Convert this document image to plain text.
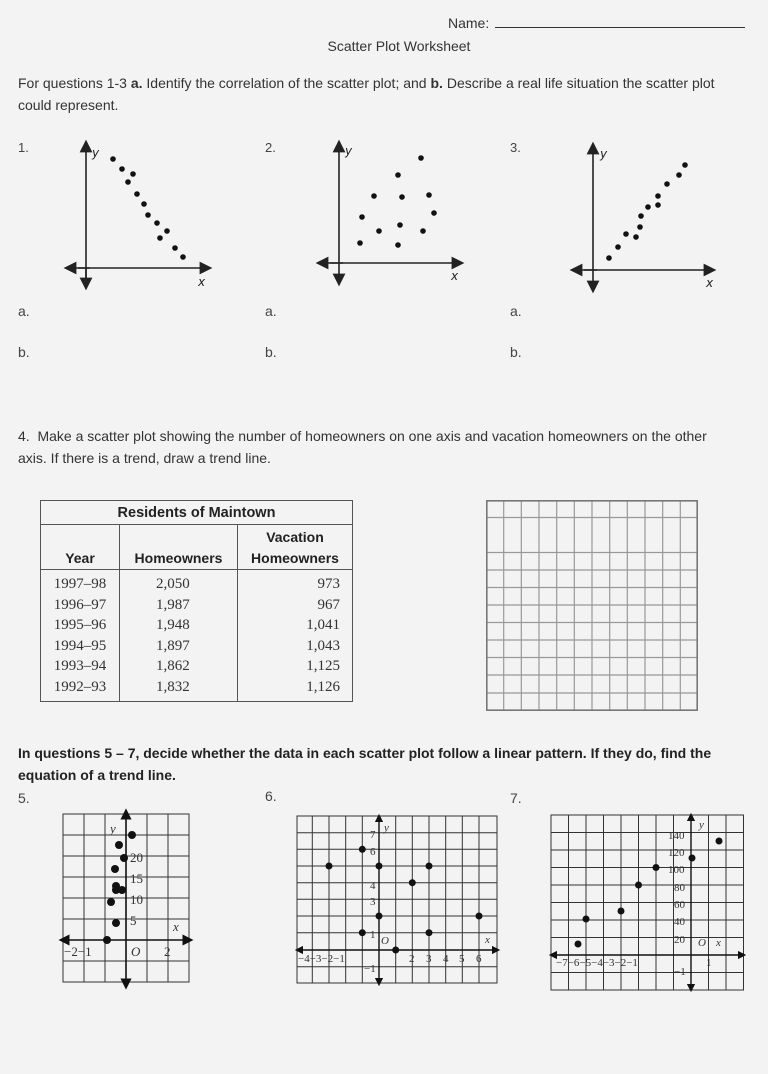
Name:
Scatter Plot Worksheet
For questions 1-3 a. Identify the correlation of the scatter plot; and b. Describe a real life situation the scatter plot could represent.
1.	2.	3.
y
x
y
x
y
x
a.
b.
a.
b.
a.
b.
4. Make a scatter plot showing the number of homeowners on one axis and vacation homeowners on the other axis. If there is a trend, draw a trend line.
Residents of Maintown		
Year	Homeowners	Vacation
Homeowners
1997–98	2,050	973
1996–97	1,987	967
1995–96	1,948	1,041
1994–95	1,897	1,043
1993–94	1,862	1,125
1992–93	1,832	1,126
In questions 5 – 7, decide whether the data in each scatter plot follow a linear pattern. If they do, find the equation of a trend line.
5.	6.	7.
y
x
20
15
10
5
−2−1	O 2
y
x
7
6
4
3
1 O
−4−3−2−1	2 3 4 5 6
−1
y
x
140
120
100
80
60
40
20 O
−7−6−5−4−3−2−1	1
−1
